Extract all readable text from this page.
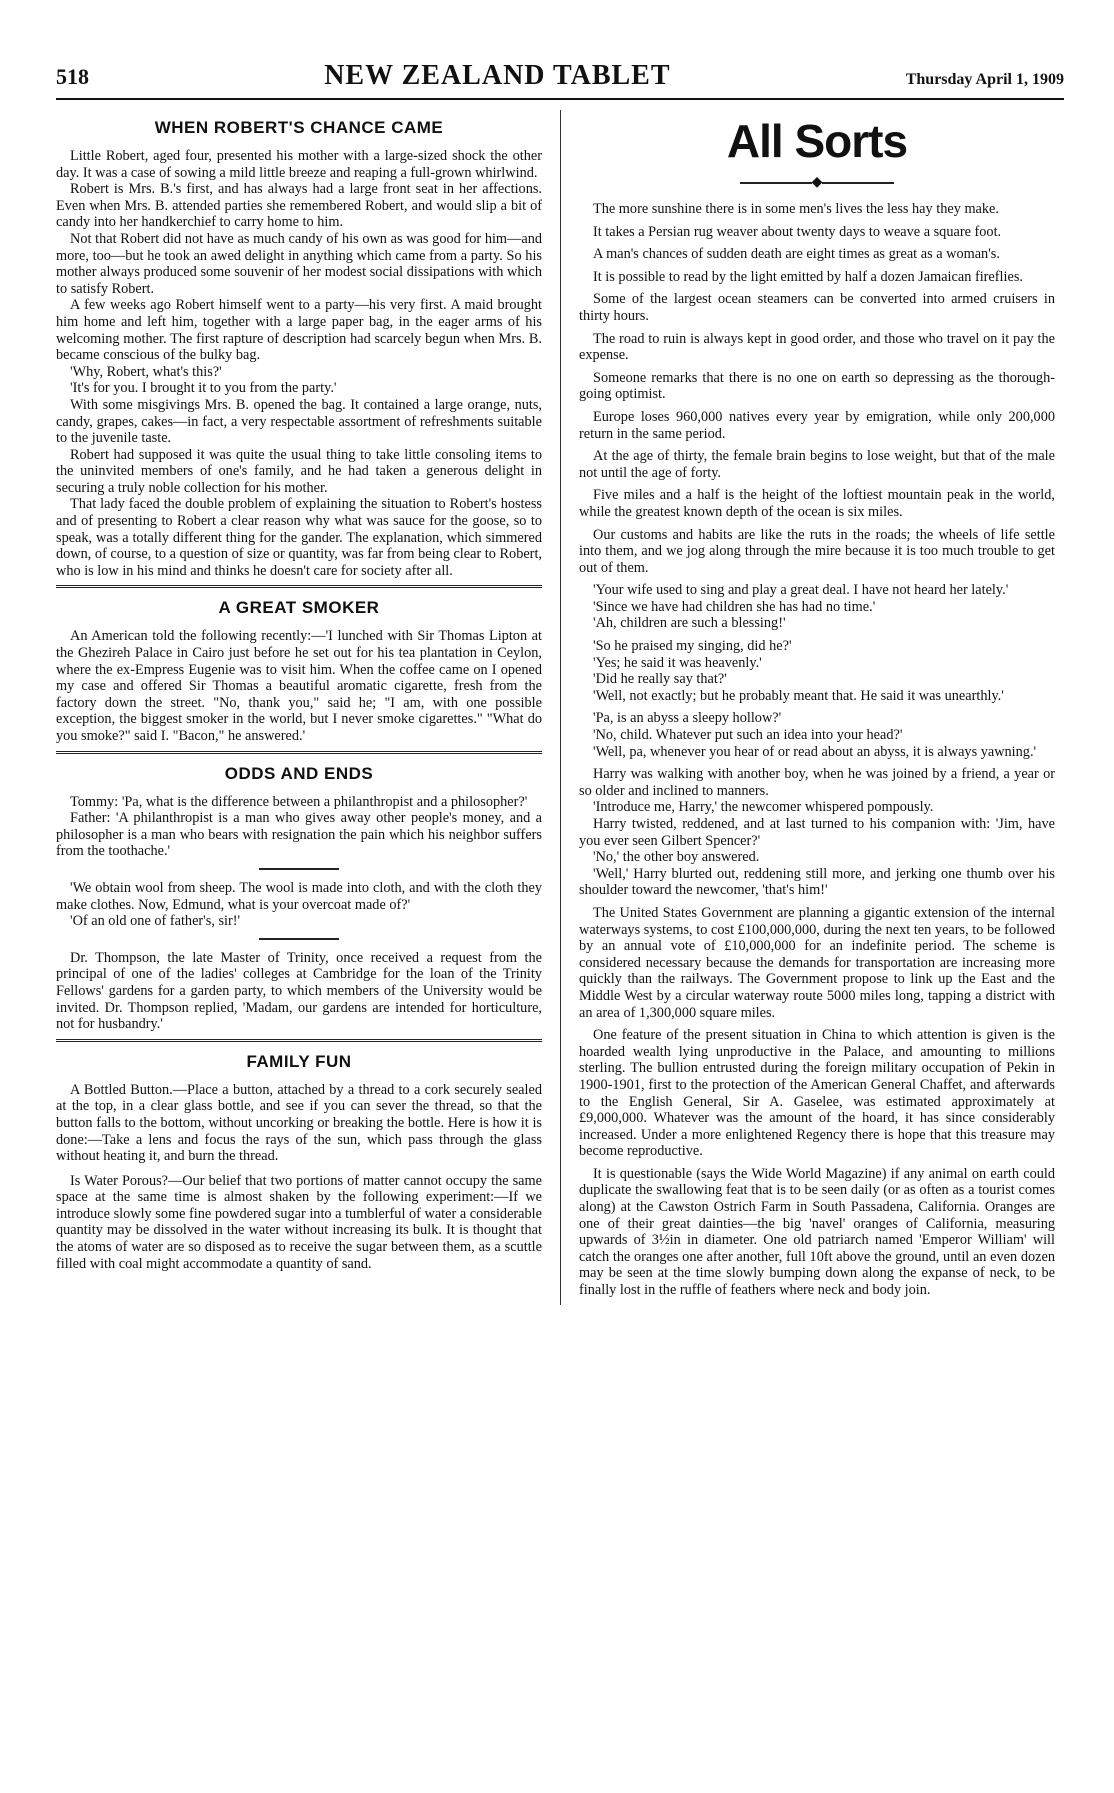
518	NEW ZEALAND TABLET	Thursday April 1, 1909
WHEN ROBERT'S CHANCE CAME

Little Robert, aged four, presented his mother with a large-sized shock the other day. It was a case of sowing a mild little breeze and reaping a full-grown whirlwind.

Robert is Mrs. B.'s first, and has always had a large front seat in her affections. Even when Mrs. B. attended parties she remembered Robert, and would slip a bit of candy into her handkerchief to carry home to him.

Not that Robert did not have as much candy of his own as was good for him—and more, too—but he took an awed delight in anything which came from a party. So his mother always produced some souvenir of her modest social dissipations with which to satisfy Robert.

A few weeks ago Robert himself went to a party—his very first. A maid brought him home and left him, together with a large paper bag, in the eager arms of his welcoming mother. The first rapture of description had scarcely begun when Mrs. B. became conscious of the bulky bag.

'Why, Robert, what's this?'

'It's for you. I brought it to you from the party.'

With some misgivings Mrs. B. opened the bag. It contained a large orange, nuts, candy, grapes, cakes—in fact, a very respectable assortment of refreshments suitable to the juvenile taste.

Robert had supposed it was quite the usual thing to take little consoling items to the uninvited members of one's family, and he had taken a generous delight in securing a truly noble collection for his mother.

That lady faced the double problem of explaining the situation to Robert's hostess and of presenting to Robert a clear reason why what was sauce for the goose, so to speak, was a totally different thing for the gander. The explanation, which simmered down, of course, to a question of size or quantity, was far from being clear to Robert, who is low in his mind and thinks he doesn't care for society after all.

A GREAT SMOKER

An American told the following recently:—'I lunched with Sir Thomas Lipton at the Ghezireh Palace in Cairo just before he set out for his tea plantation in Ceylon, where the ex-Empress Eugenie was to visit him. When the coffee came on I opened my case and offered Sir Thomas a beautiful aromatic cigarette, fresh from the factory down the street. "No, thank you," said he; "I am, with one possible exception, the biggest smoker in the world, but I never smoke cigarettes." "What do you smoke?" said I. "Bacon," he answered.'

ODDS AND ENDS

Tommy: 'Pa, what is the difference between a philanthropist and a philosopher?'

Father: 'A philanthropist is a man who gives away other people's money, and a philosopher is a man who bears with resignation the pain which his neighbor suffers from the toothache.'

'We obtain wool from sheep. The wool is made into cloth, and with the cloth they make clothes. Now, Edmund, what is your overcoat made of?'

'Of an old one of father's, sir!'

Dr. Thompson, the late Master of Trinity, once received a request from the principal of one of the ladies' colleges at Cambridge for the loan of the Trinity Fellows' gardens for a garden party, to which members of the University would be invited. Dr. Thompson replied, 'Madam, our gardens are intended for horticulture, not for husbandry.'

FAMILY FUN

A Bottled Button.—Place a button, attached by a thread to a cork securely sealed at the top, in a clear glass bottle, and see if you can sever the thread, so that the button falls to the bottom, without uncorking or breaking the bottle. Here is how it is done:—Take a lens and focus the rays of the sun, which pass through the glass without heating it, and burn the thread.

Is Water Porous?—Our belief that two portions of matter cannot occupy the same space at the same time is almost shaken by the following experiment:—If we introduce slowly some fine powdered sugar into a tumblerful of water a considerable quantity may be dissolved in the water without increasing its bulk. It is thought that the atoms of water are so disposed as to receive the sugar between them, as a scuttle filled with coal might accommodate a quantity of sand.

All Sorts
◆

The more sunshine there is in some men's lives the less hay they make.

It takes a Persian rug weaver about twenty days to weave a square foot.

A man's chances of sudden death are eight times as great as a woman's.

It is possible to read by the light emitted by half a dozen Jamaican fireflies.

Some of the largest ocean steamers can be converted into armed cruisers in thirty hours.

The road to ruin is always kept in good order, and those who travel on it pay the expense.

Someone remarks that there is no one on earth so depressing as the thorough-going optimist.

Europe loses 960,000 natives every year by emigration, while only 200,000 return in the same period.

At the age of thirty, the female brain begins to lose weight, but that of the male not until the age of forty.

Five miles and a half is the height of the loftiest mountain peak in the world, while the greatest known depth of the ocean is six miles.

Our customs and habits are like the ruts in the roads; the wheels of life settle into them, and we jog along through the mire because it is too much trouble to get out of them.

'Your wife used to sing and play a great deal. I have not heard her lately.'

'Since we have had children she has had no time.'

'Ah, children are such a blessing!'

'So he praised my singing, did he?'

'Yes; he said it was heavenly.'

'Did he really say that?'

'Well, not exactly; but he probably meant that. He said it was unearthly.'

'Pa, is an abyss a sleepy hollow?'

'No, child. Whatever put such an idea into your head?'

'Well, pa, whenever you hear of or read about an abyss, it is always yawning.'

Harry was walking with another boy, when he was joined by a friend, a year or so older and inclined to manners.

'Introduce me, Harry,' the newcomer whispered pompously.

Harry twisted, reddened, and at last turned to his companion with: 'Jim, have you ever seen Gilbert Spencer?'

'No,' the other boy answered.

'Well,' Harry blurted out, reddening still more, and jerking one thumb over his shoulder toward the newcomer, 'that's him!'

The United States Government are planning a gigantic extension of the internal waterways systems, to cost £100,000,000, during the next ten years, to be followed by an annual vote of £10,000,000 for an indefinite period. The scheme is considered necessary because the demands for transportation are increasing more quickly than the railways. The Government propose to link up the East and the Middle West by a circular waterway route 5000 miles long, tapping a district with an area of 1,300,000 square miles.

One feature of the present situation in China to which attention is given is the hoarded wealth lying unproductive in the Palace, and amounting to millions sterling. The bullion entrusted during the foreign military occupation of Pekin in 1900-1901, first to the protection of the American General Chaffet, and afterwards to the English General, Sir A. Gaselee, was estimated approximately at £9,000,000. Whatever was the amount of the hoard, it has since considerably increased. Under a more enlightened Regency there is hope that this treasure may become reproductive.

It is questionable (says the Wide World Magazine) if any animal on earth could duplicate the swallowing feat that is to be seen daily (or as often as a tourist comes along) at the Cawston Ostrich Farm in South Passadena, California. Oranges are one of their great dainties—the big 'navel' oranges of California, measuring upwards of 3½in in diameter. One old patriarch named 'Emperor William' will catch the oranges one after another, full 10ft above the ground, until an even dozen may be seen at the time slowly bumping down along the expanse of neck, to be finally lost in the ruffle of feathers where neck and body join.
